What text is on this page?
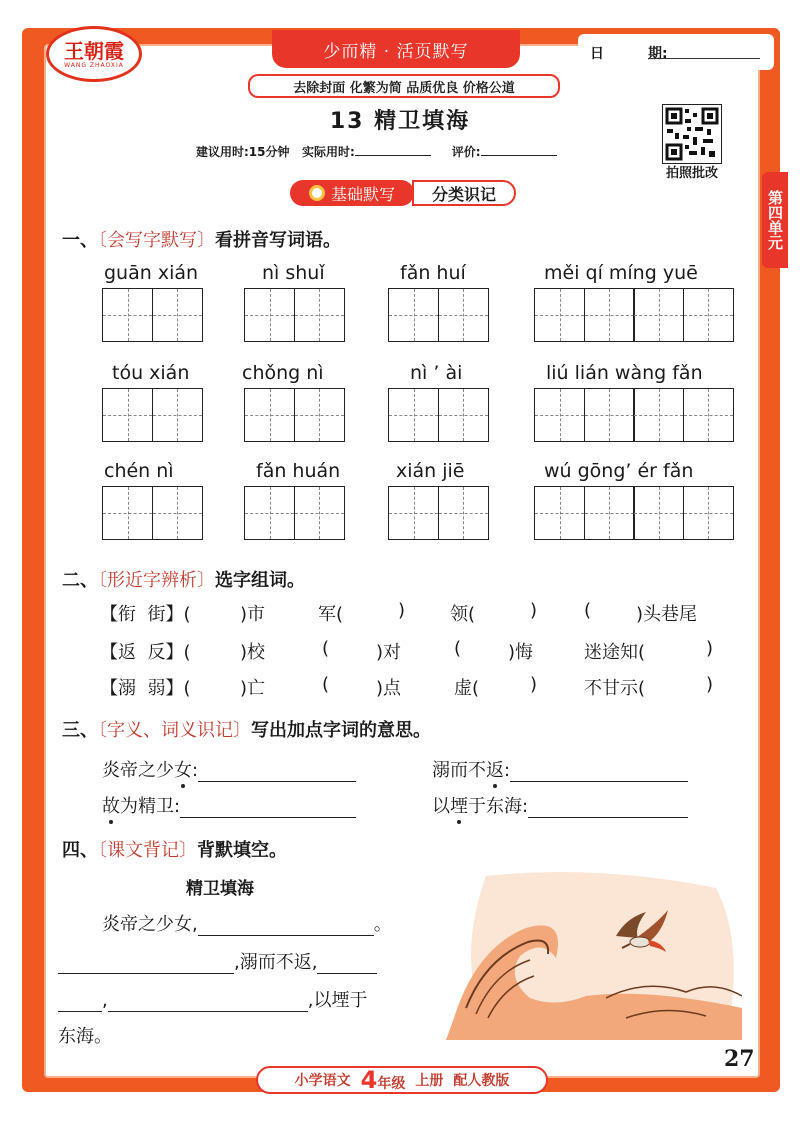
王朝霞
WANG ZHAOXIA
少而精 · 活页默写
去除封面 化繁为简 品质优良 价格公道
日	期:
13 精卫填海
建议用时:15分钟 实际用时:	评价:
拍照批改
第四单元
基础默写	分类识记
一、〔会写字默写〕看拼音写词语。
guān xián	nì shuǐ	fǎn huí	měi qí míng yuē
tóu xián	chǒng nì	nì ’ ài	liú lián wàng fǎn
chén nì	fǎn huán	xián jiē	wú gōng’ ér fǎn
二、〔形近字辨析〕选字组词。
【衔  街】(	)市	军(	) 领(	)	( )头巷尾
【返  反】(	)校	(	)对	(	)悔	迷途知(	)
【溺  弱】(	)亡	(	)点	虚(	)	不甘示(	)
三、〔字义、词义识记〕写出加点字词的意思。
炎帝之少女:	溺而不返:
故为精卫:	以堙于东海:
四、〔课文背记〕背默填空。
精卫填海
炎帝之少女,	。
,溺而不返,
,	,以堙于
东海。
小学语文 4年级 上册 配人教版
27
